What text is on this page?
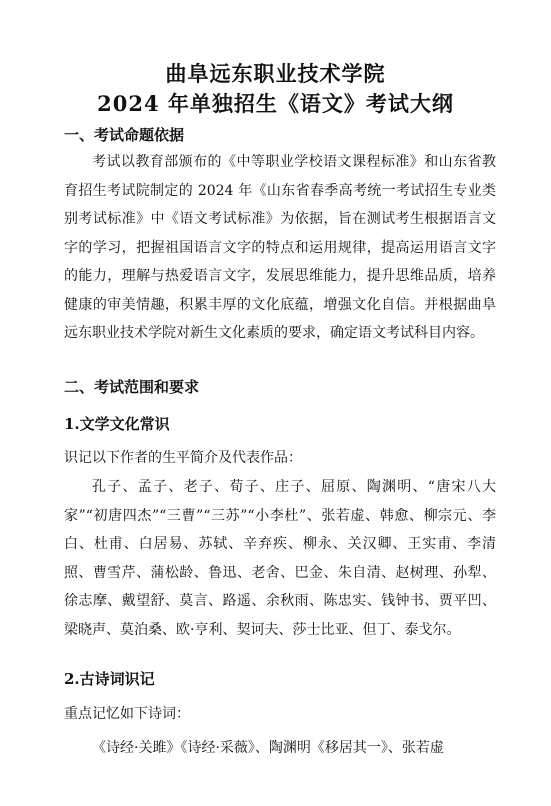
曲阜远东职业技术学院
2024 年单独招生《语文》考试大纲
一、考试命题依据
考试以教育部颁布的《中等职业学校语文课程标准》和山东省教育招生考试院制定的 2024 年《山东省春季高考统一考试招生专业类别考试标准》中《语文考试标准》为依据，旨在测试考生根据语言文字的学习，把握祖国语言文字的特点和运用规律，提高运用语言文字的能力，理解与热爱语言文字，发展思维能力，提升思维品质，培养健康的审美情趣，积累丰厚的文化底蕴，增强文化自信。并根据曲阜远东职业技术学院对新生文化素质的要求，确定语文考试科目内容。
二、考试范围和要求
1.文学文化常识
识记以下作者的生平简介及代表作品：
孔子、孟子、老子、荀子、庄子、屈原、陶渊明、“唐宋八大家”“初唐四杰”“三曹”“三苏”“小李杜”、张若虚、韩愈、柳宗元、李白、杜甫、白居易、苏轼、辛弃疾、柳永、关汉卿、王实甫、李清照、曹雪芹、蒲松龄、鲁迅、老舍、巴金、朱自清、赵树理、孙犁、徐志摩、戴望舒、莫言、路遥、余秋雨、陈忠实、钱钟书、贾平凹、梁晓声、莫泊桑、欧·亨利、契诃夫、莎士比亚、但丁、泰戈尔。
2.古诗词识记
重点记忆如下诗词：
《诗经·关雎》《诗经·采薇》、陶渊明《移居其一》、张若虚
